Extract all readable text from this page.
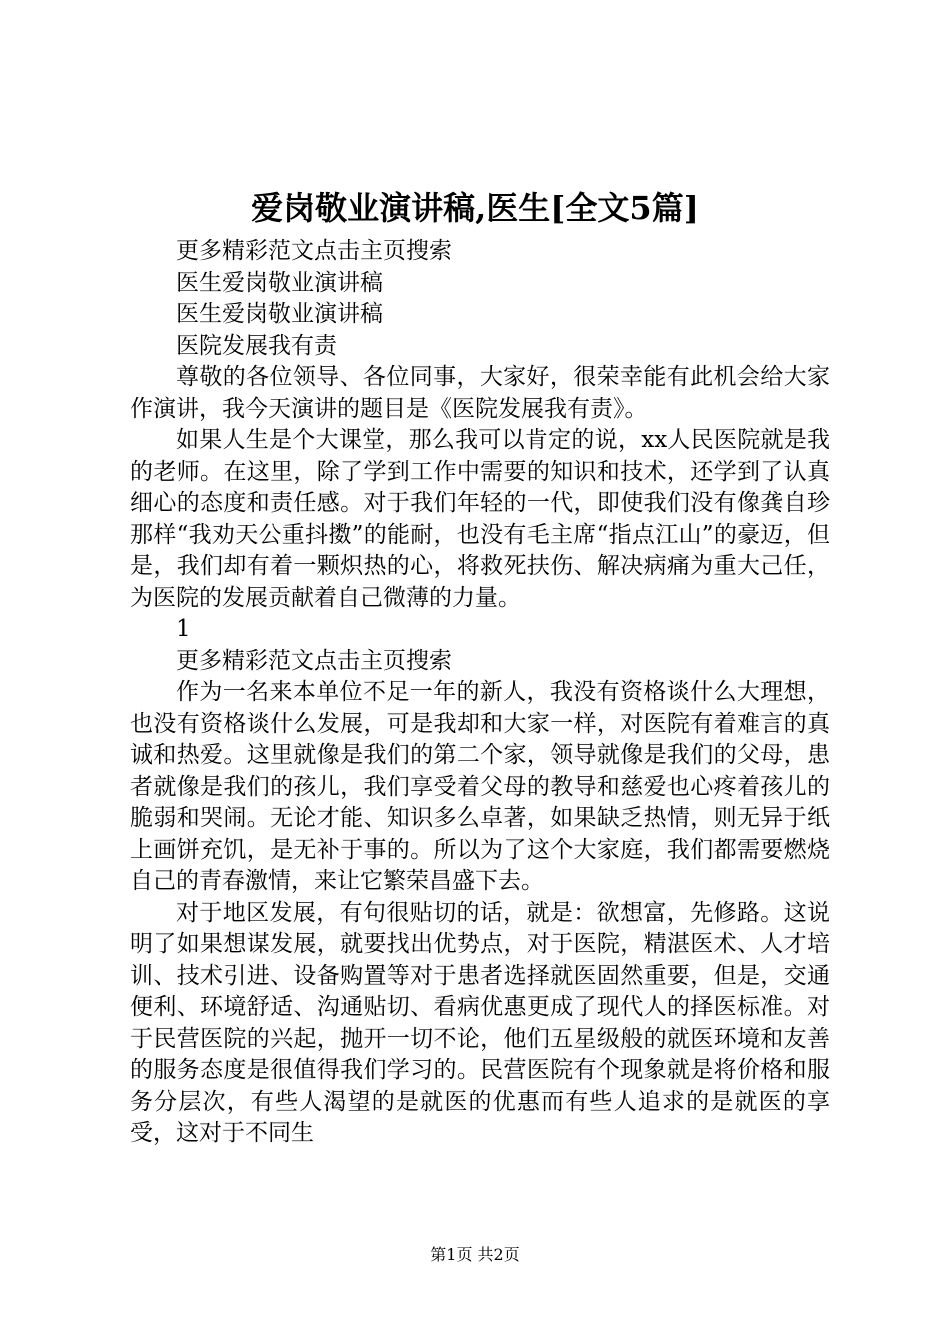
爱岗敬业演讲稿,医生[全文5篇]

更多精彩范文点击主页搜索

医生爱岗敬业演讲稿

医生爱岗敬业演讲稿

医院发展我有责

尊敬的各位领导、各位同事，大家好，很荣幸能有此机会给大家作演讲，我今天演讲的题目是《医院发展我有责》。

如果人生是个大课堂，那么我可以肯定的说，xx人民医院就是我的老师。在这里，除了学到工作中需要的知识和技术，还学到了认真细心的态度和责任感。对于我们年轻的一代，即使我们没有像龚自珍那样“我劝天公重抖擞”的能耐，也没有毛主席“指点江山”的豪迈，但是，我们却有着一颗炽热的心，将救死扶伤、解决病痛为重大己任，为医院的发展贡献着自己微薄的力量。

1

更多精彩范文点击主页搜索

作为一名来本单位不足一年的新人，我没有资格谈什么大理想，也没有资格谈什么发展，可是我却和大家一样，对医院有着难言的真诚和热爱。这里就像是我们的第二个家，领导就像是我们的父母，患者就像是我们的孩儿，我们享受着父母的教导和慈爱也心疼着孩儿的脆弱和哭闹。无论才能、知识多么卓著，如果缺乏热情，则无异于纸上画饼充饥，是无补于事的。所以为了这个大家庭，我们都需要燃烧自己的青春激情，来让它繁荣昌盛下去。

对于地区发展，有句很贴切的话，就是：欲想富，先修路。这说明了如果想谋发展，就要找出优势点，对于医院，精湛医术、人才培训、技术引进、设备购置等对于患者选择就医固然重要，但是，交通便利、环境舒适、沟通贴切、看病优惠更成了现代人的择医标准。对于民营医院的兴起，抛开一切不论，他们五星级般的就医环境和友善的服务态度是很值得我们学习的。民营医院有个现象就是将价格和服务分层次，有些人渴望的是就医的优惠而有些人追求的是就医的享受，这对于不同生

第1页 共2页
